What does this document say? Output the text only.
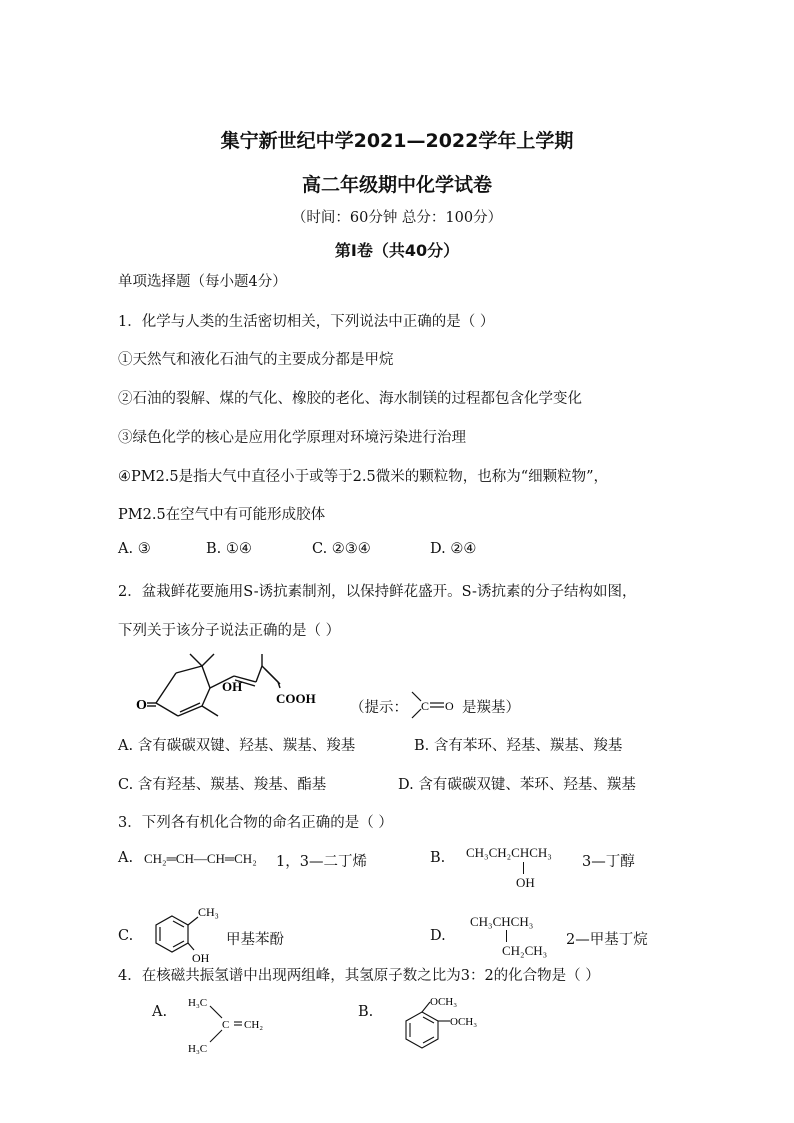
集宁新世纪中学2021—2022学年上学期
高二年级期中化学试卷
（时间：60分钟 总分：100分）
第Ⅰ卷（共40分）
单项选择题（每小题4分）
1．化学与人类的生活密切相关，下列说法中正确的是（ ）
①天然气和液化石油气的主要成分都是甲烷
②石油的裂解、煤的气化、橡胶的老化、海水制镁的过程都包含化学变化
③绿色化学的核心是应用化学原理对环境污染进行治理
④PM2.5是指大气中直径小于或等于2.5微米的颗粒物，也称为“细颗粒物”，
PM2.5在空气中有可能形成胶体
A. ③	B. ①④	C. ②③④	D. ②④
2．盆栽鲜花要施用S-诱抗素制剂，以保持鲜花盛开。S-诱抗素的分子结构如图，
下列关于该分子说法正确的是（ ）
O
OH
COOH
（提示： C O 是羰基）
A. 含有碳碳双键、羟基、羰基、羧基	B. 含有苯环、羟基、羰基、羧基
C. 含有羟基、羰基、羧基、酯基	D. 含有碳碳双键、苯环、羟基、羰基
3．下列各有机化合物的命名正确的是（ ）
A. CH₂═CH—CH═CH₂ 1，3—二丁烯	B. CH₃CH₂CHCH₃
OH
3—丁醇
C.
CH₃
OH
甲基苯酚	D.
CH₃CHCH₃
CH₂CH₃
2—甲基丁烷
4．在核磁共振氢谱中出现两组峰，其氢原子数之比为3：2的化合物是（ ）
A.
H₃C
C CH₂
H₃C
B.
OCH₃
OCH₃
